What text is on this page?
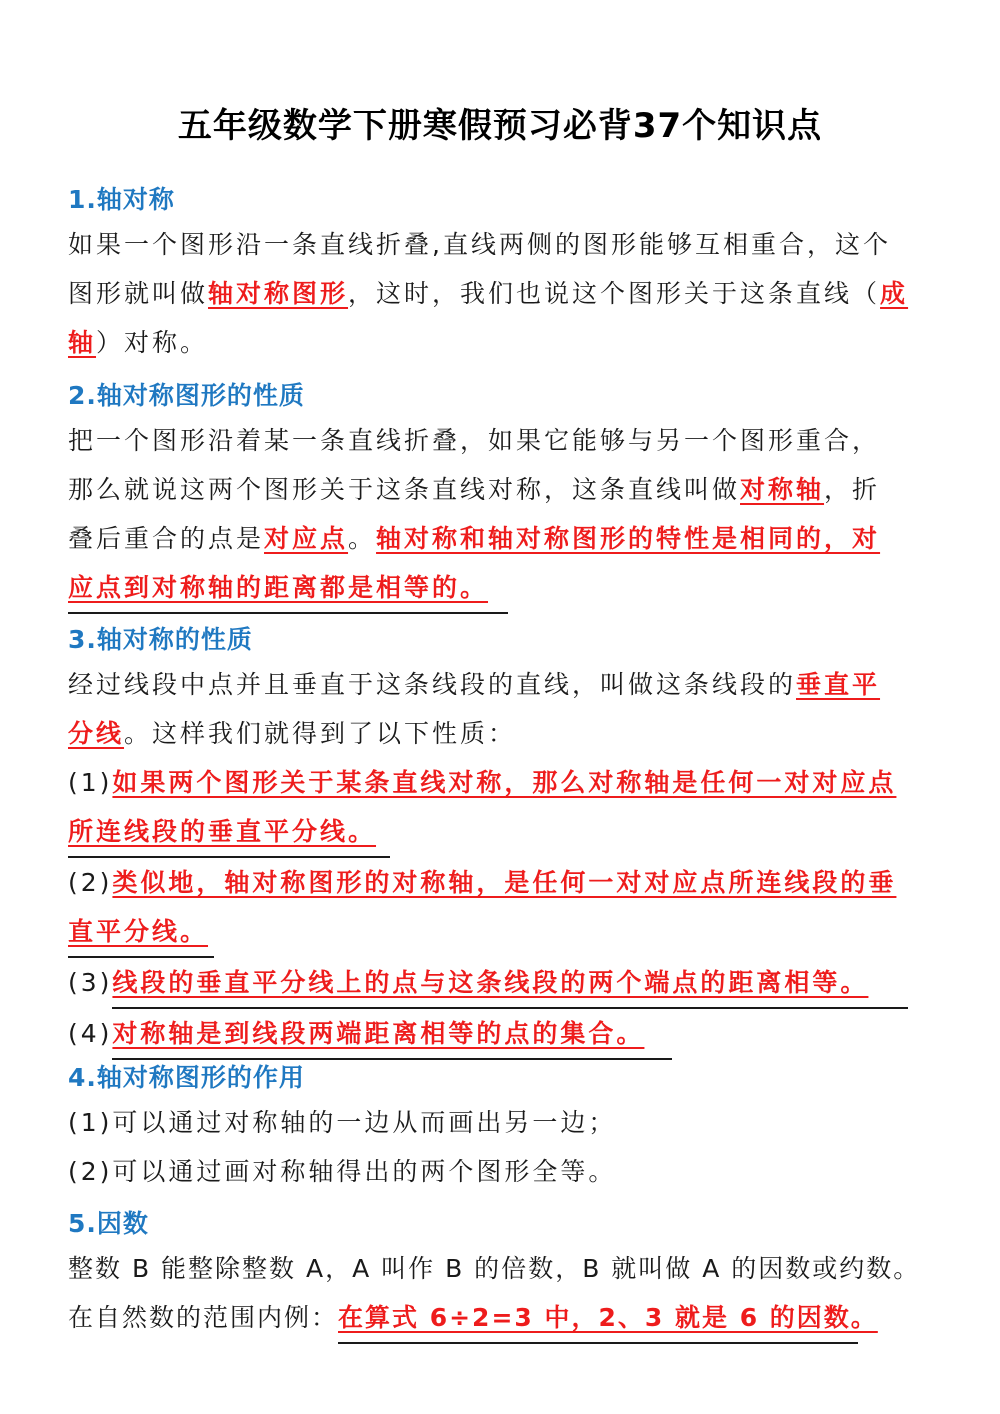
五年级数学下册寒假预习必背37个知识点
1.轴对称
如果一个图形沿一条直线折叠,直线两侧的图形能够互相重合，这个
图形就叫做轴对称图形，这时，我们也说这个图形关于这条直线（成
轴）对称。
2.轴对称图形的性质
把一个图形沿着某一条直线折叠，如果它能够与另一个图形重合，
那么就说这两个图形关于这条直线对称，这条直线叫做对称轴，折
叠后重合的点是对应点。轴对称和轴对称图形的特性是相同的，对
应点到对称轴的距离都是相等的。
3.轴对称的性质
经过线段中点并且垂直于这条线段的直线，叫做这条线段的垂直平
分线。这样我们就得到了以下性质：
(1)如果两个图形关于某条直线对称，那么对称轴是任何一对对应点
所连线段的垂直平分线。
(2)类似地，轴对称图形的对称轴，是任何一对对应点所连线段的垂
直平分线。
(3)线段的垂直平分线上的点与这条线段的两个端点的距离相等。
(4)对称轴是到线段两端距离相等的点的集合。
4.轴对称图形的作用
(1)可以通过对称轴的一边从而画出另一边；
(2)可以通过画对称轴得出的两个图形全等。
5.因数
整数 B 能整除整数 A，A 叫作 B 的倍数，B 就叫做 A 的因数或约数。
在自然数的范围内例：在算式 6÷2=3 中，2、3 就是 6 的因数。
